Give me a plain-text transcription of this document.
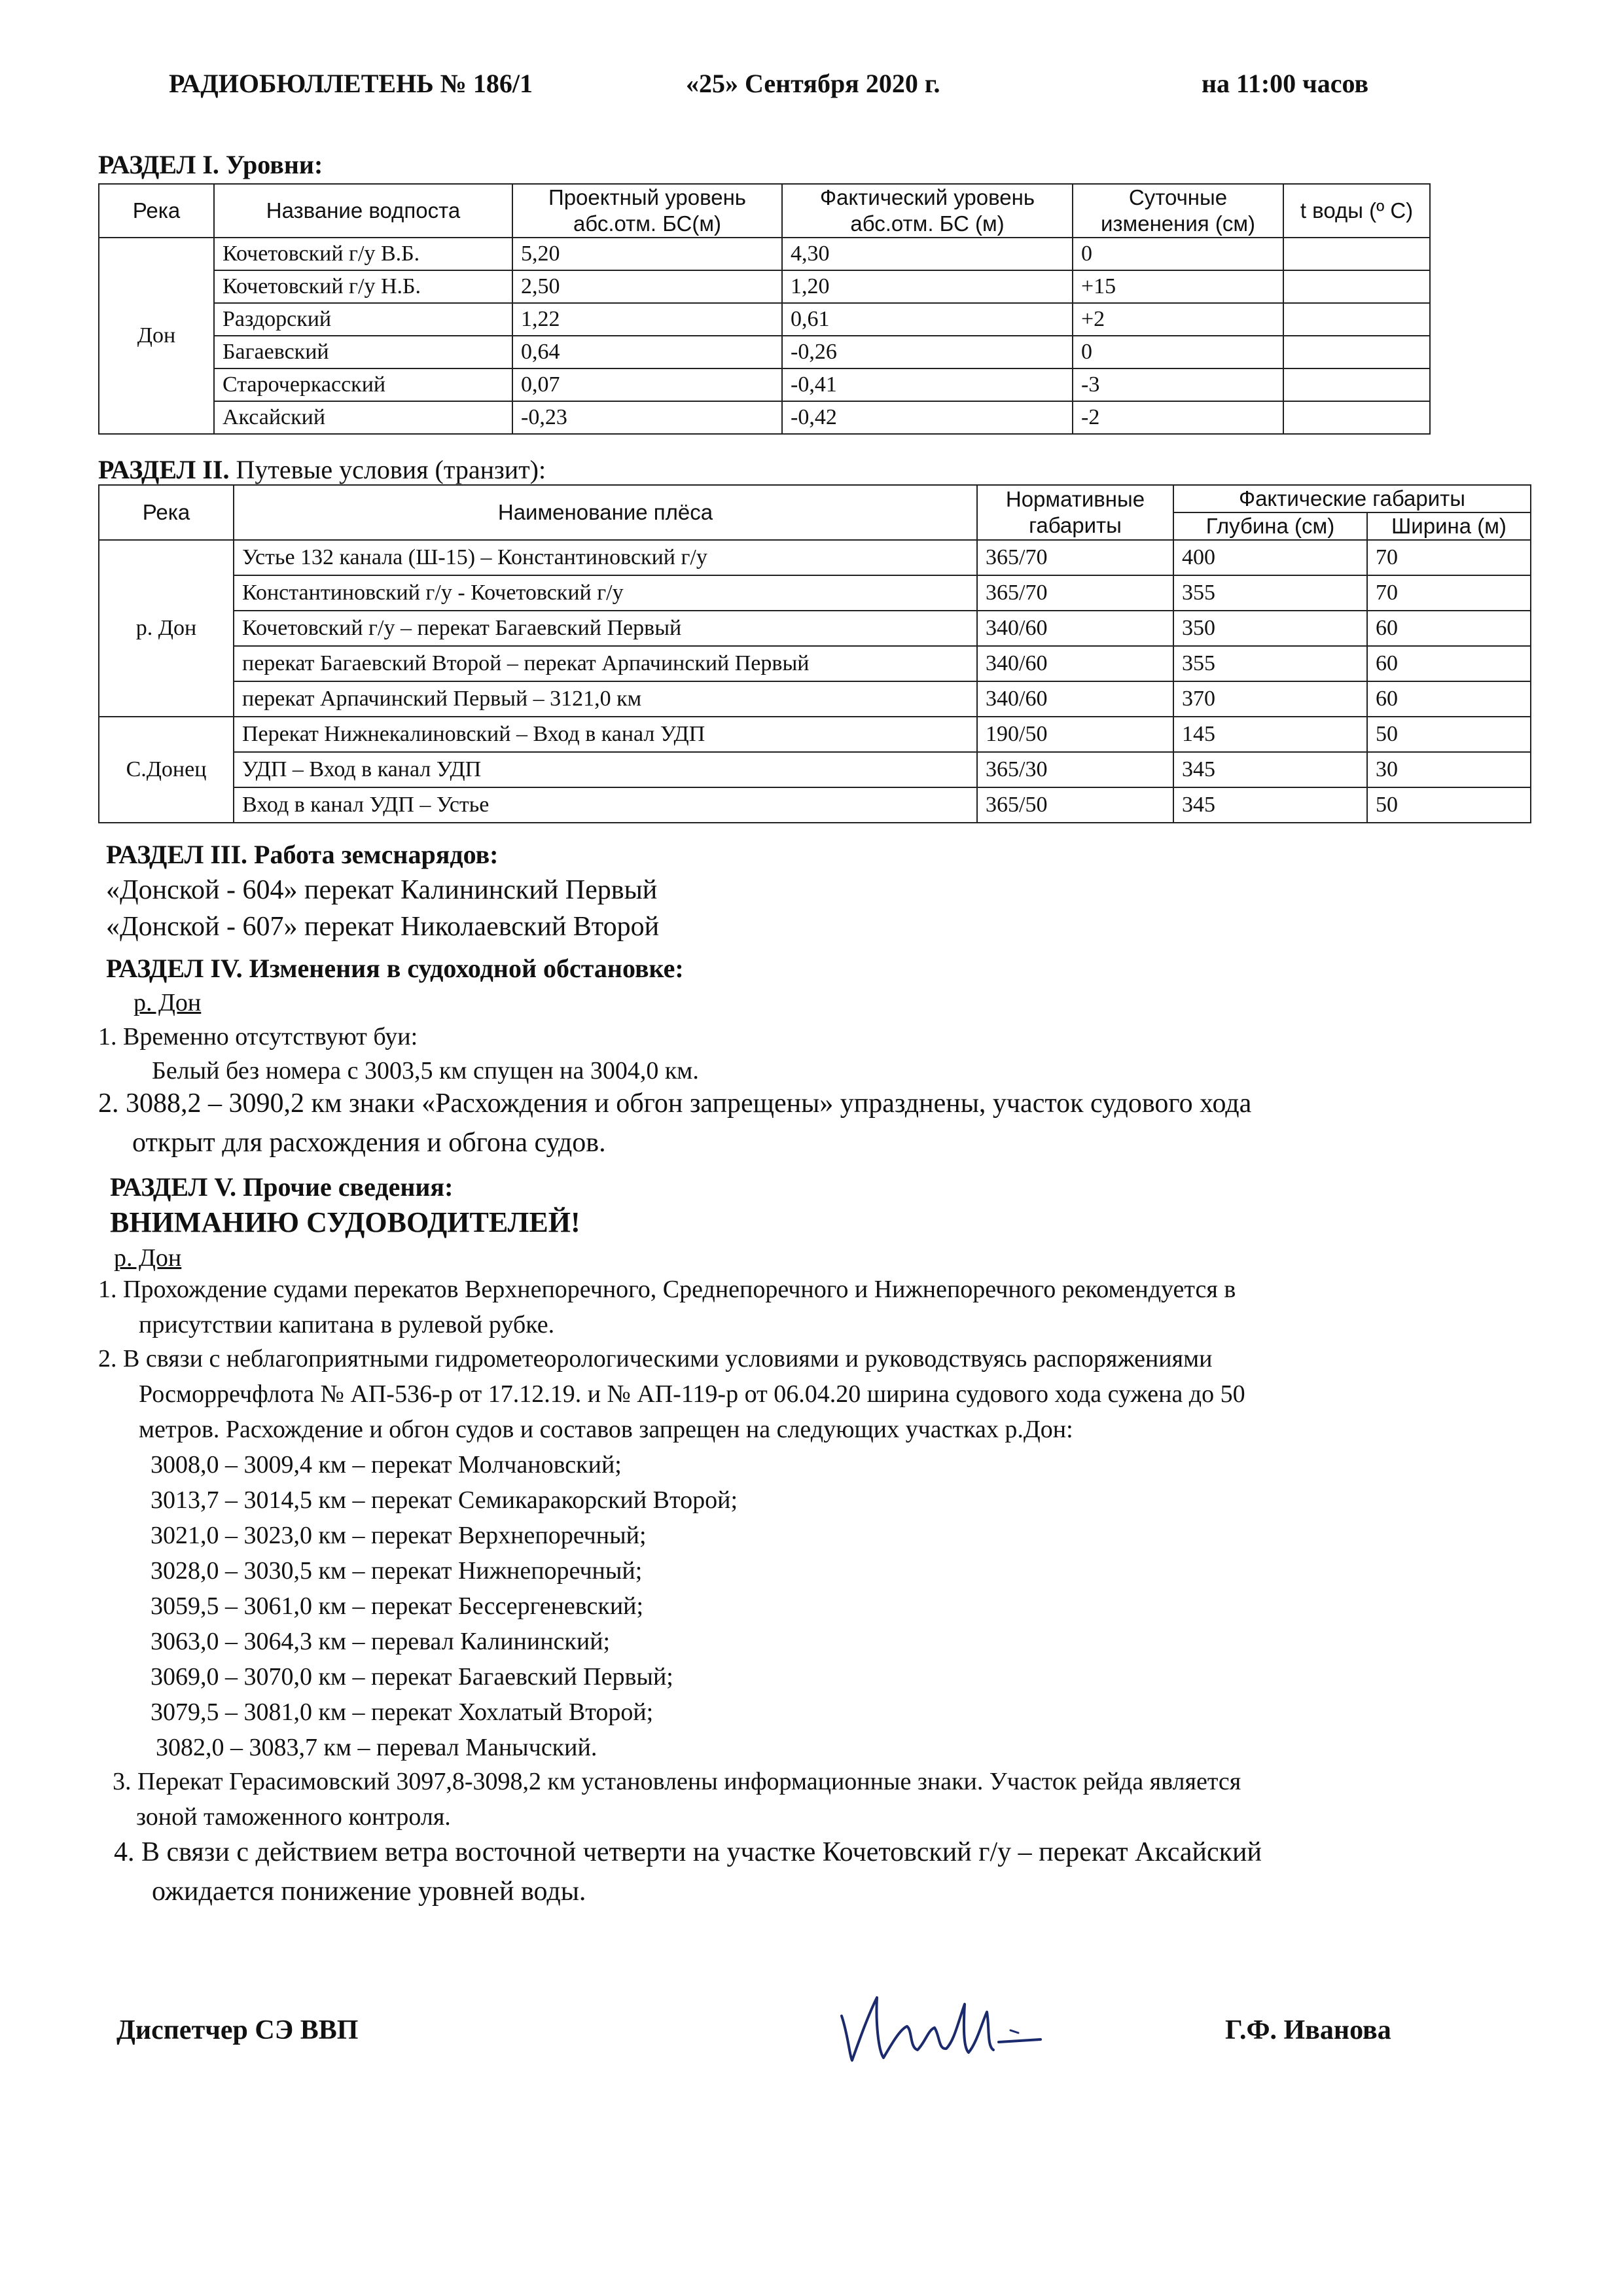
РАДИОБЮЛЛЕТЕНЬ № 186/1	«25» Сентября 2020 г.	на 11:00 часов
РАЗДЕЛ I. Уровни:
Река	Название водпоста	Проектный уровень абс.отм. БС(м)	Фактический уровень абс.отм. БС (м)	Суточные изменения (см)	t воды (º С)
Дон	Кочетовский г/у В.Б.	5,20	4,30	0	
	Кочетовский г/у Н.Б.	2,50	1,20	+15	
	Раздорский	1,22	0,61	+2	
	Багаевский	0,64	-0,26	0	
	Старочеркасский	0,07	-0,41	-3	
	Аксайский	-0,23	-0,42	-2	
РАЗДЕЛ II. Путевые условия (транзит):
Река	Наименование плёса	Нормативные габариты	Фактические габариты	
			Глубина (см)	Ширина (м)
р. Дон	Устье 132 канала (Ш-15) – Константиновский г/у	365/70	400	70
	Константиновский г/у - Кочетовский г/у	365/70	355	70
	Кочетовский г/у – перекат Багаевский Первый	340/60	350	60
	перекат Багаевский Второй – перекат Арпачинский Первый	340/60	355	60
	перекат Арпачинский Первый – 3121,0 км	340/60	370	60
С.Донец	Перекат Нижнекалиновский – Вход в канал УДП	190/50	145	50
	УДП – Вход в канал УДП	365/30	345	30
	Вход в канал УДП – Устье	365/50	345	50
РАЗДЕЛ III. Работа земснарядов:
«Донской - 604» перекат Калининский Первый
«Донской - 607» перекат Николаевский Второй
РАЗДЕЛ IV. Изменения в судоходной обстановке:
р. Дон
1. Временно отсутствуют буи:
Белый без номера с 3003,5 км спущен на 3004,0 км.
2. 3088,2 – 3090,2 км знаки «Расхождения и обгон запрещены» упразднены, участок судового хода
открыт для расхождения и обгона судов.
РАЗДЕЛ V. Прочие сведения:
ВНИМАНИЮ СУДОВОДИТЕЛЕЙ!
р. Дон
1. Прохождение судами перекатов Верхнепоречного, Среднепоречного и Нижнепоречного рекомендуется в
присутствии капитана в рулевой рубке.
2. В связи с неблагоприятными гидрометеорологическими условиями и руководствуясь распоряжениями
Росморречфлота № АП-536-р от 17.12.19. и № АП-119-р от 06.04.20 ширина судового хода сужена до 50
метров. Расхождение и обгон судов и составов запрещен на следующих участках р.Дон:
3008,0 – 3009,4 км – перекат Молчановский;
3013,7 – 3014,5 км – перекат Семикаракорский Второй;
3021,0 – 3023,0 км – перекат Верхнепоречный;
3028,0 – 3030,5 км – перекат Нижнепоречный;
3059,5 – 3061,0 км – перекат Бессергеневский;
3063,0 – 3064,3 км – перевал Калининский;
3069,0 – 3070,0 км – перекат Багаевский Первый;
3079,5 – 3081,0 км – перекат Хохлатый Второй;
3082,0 – 3083,7 км – перевал Манычский.
3. Перекат Герасимовский 3097,8-3098,2 км установлены информационные знаки. Участок рейда является
зоной таможенного контроля.
4. В связи с действием ветра восточной четверти на участке Кочетовский г/у – перекат Аксайский
ожидается понижение уровней воды.
Диспетчер СЭ ВВП	Г.Ф. Иванова
